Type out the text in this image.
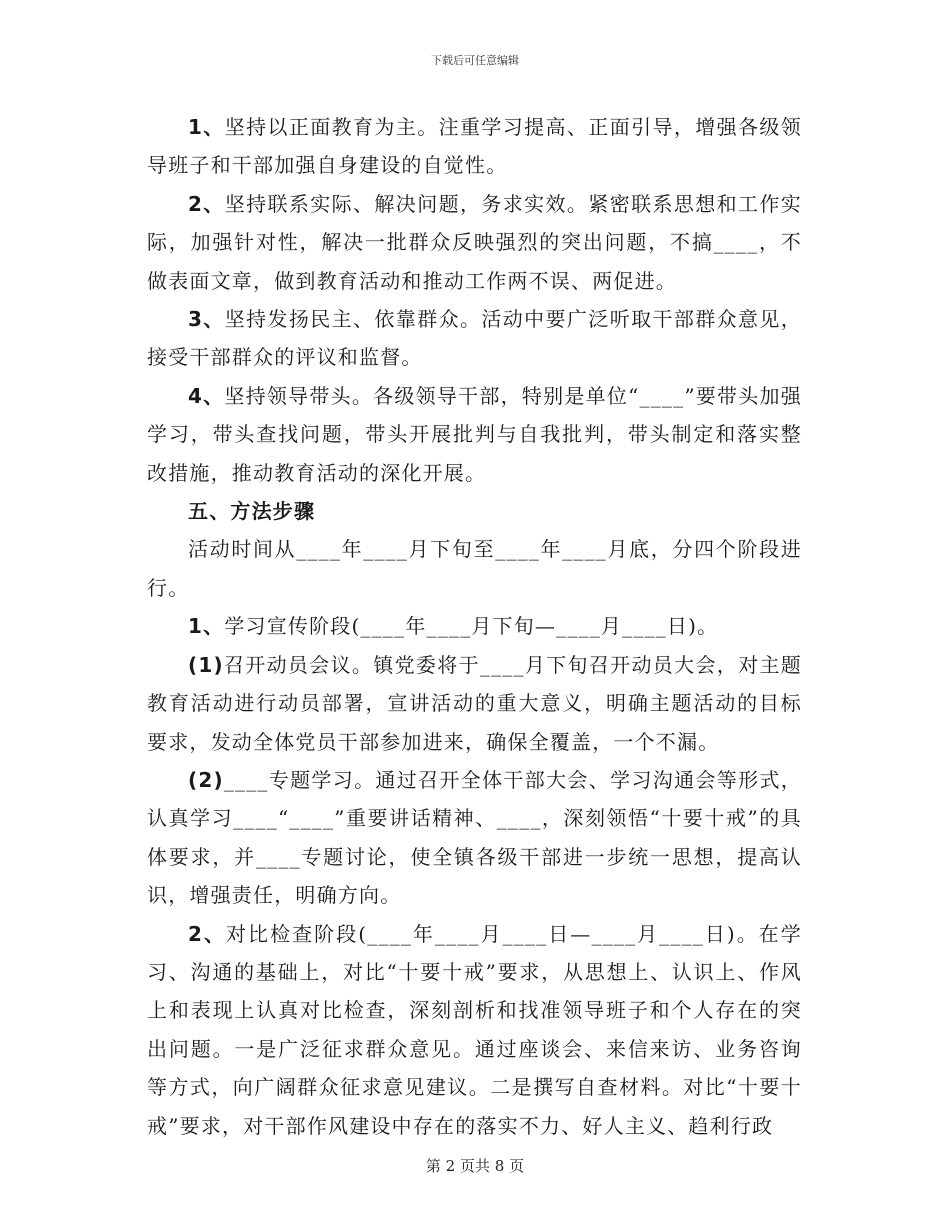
下载后可任意编辑

1、坚持以正面教育为主。注重学习提高、正面引导，增强各级领导班子和干部加强自身建设的自觉性。

2、坚持联系实际、解决问题，务求实效。紧密联系思想和工作实际，加强针对性，解决一批群众反映强烈的突出问题，不搞____，不做表面文章，做到教育活动和推动工作两不误、两促进。

3、坚持发扬民主、依靠群众。活动中要广泛听取干部群众意见，接受干部群众的评议和监督。

4、坚持领导带头。各级领导干部，特别是单位“____”要带头加强学习，带头查找问题，带头开展批判与自我批判，带头制定和落实整改措施，推动教育活动的深化开展。

五、方法步骤

活动时间从____年____月下旬至____年____月底，分四个阶段进行。

1、学习宣传阶段(____年____月下旬—____月____日)。

(1)召开动员会议。镇党委将于____月下旬召开动员大会，对主题教育活动进行动员部署，宣讲活动的重大意义，明确主题活动的目标要求，发动全体党员干部参加进来，确保全覆盖，一个不漏。

(2)____专题学习。通过召开全体干部大会、学习沟通会等形式，认真学习____“____”重要讲话精神、____，深刻领悟“十要十戒”的具体要求，并____专题讨论，使全镇各级干部进一步统一思想，提高认识，增强责任，明确方向。

2、对比检查阶段(____年____月____日—____月____日)。在学习、沟通的基础上，对比“十要十戒”要求，从思想上、认识上、作风上和表现上认真对比检查，深刻剖析和找准领导班子和个人存在的突出问题。一是广泛征求群众意见。通过座谈会、来信来访、业务咨询等方式，向广阔群众征求意见建议。二是撰写自查材料。对比“十要十戒”要求，对干部作风建设中存在的落实不力、好人主义、趋利行政

第 2 页共 8 页
